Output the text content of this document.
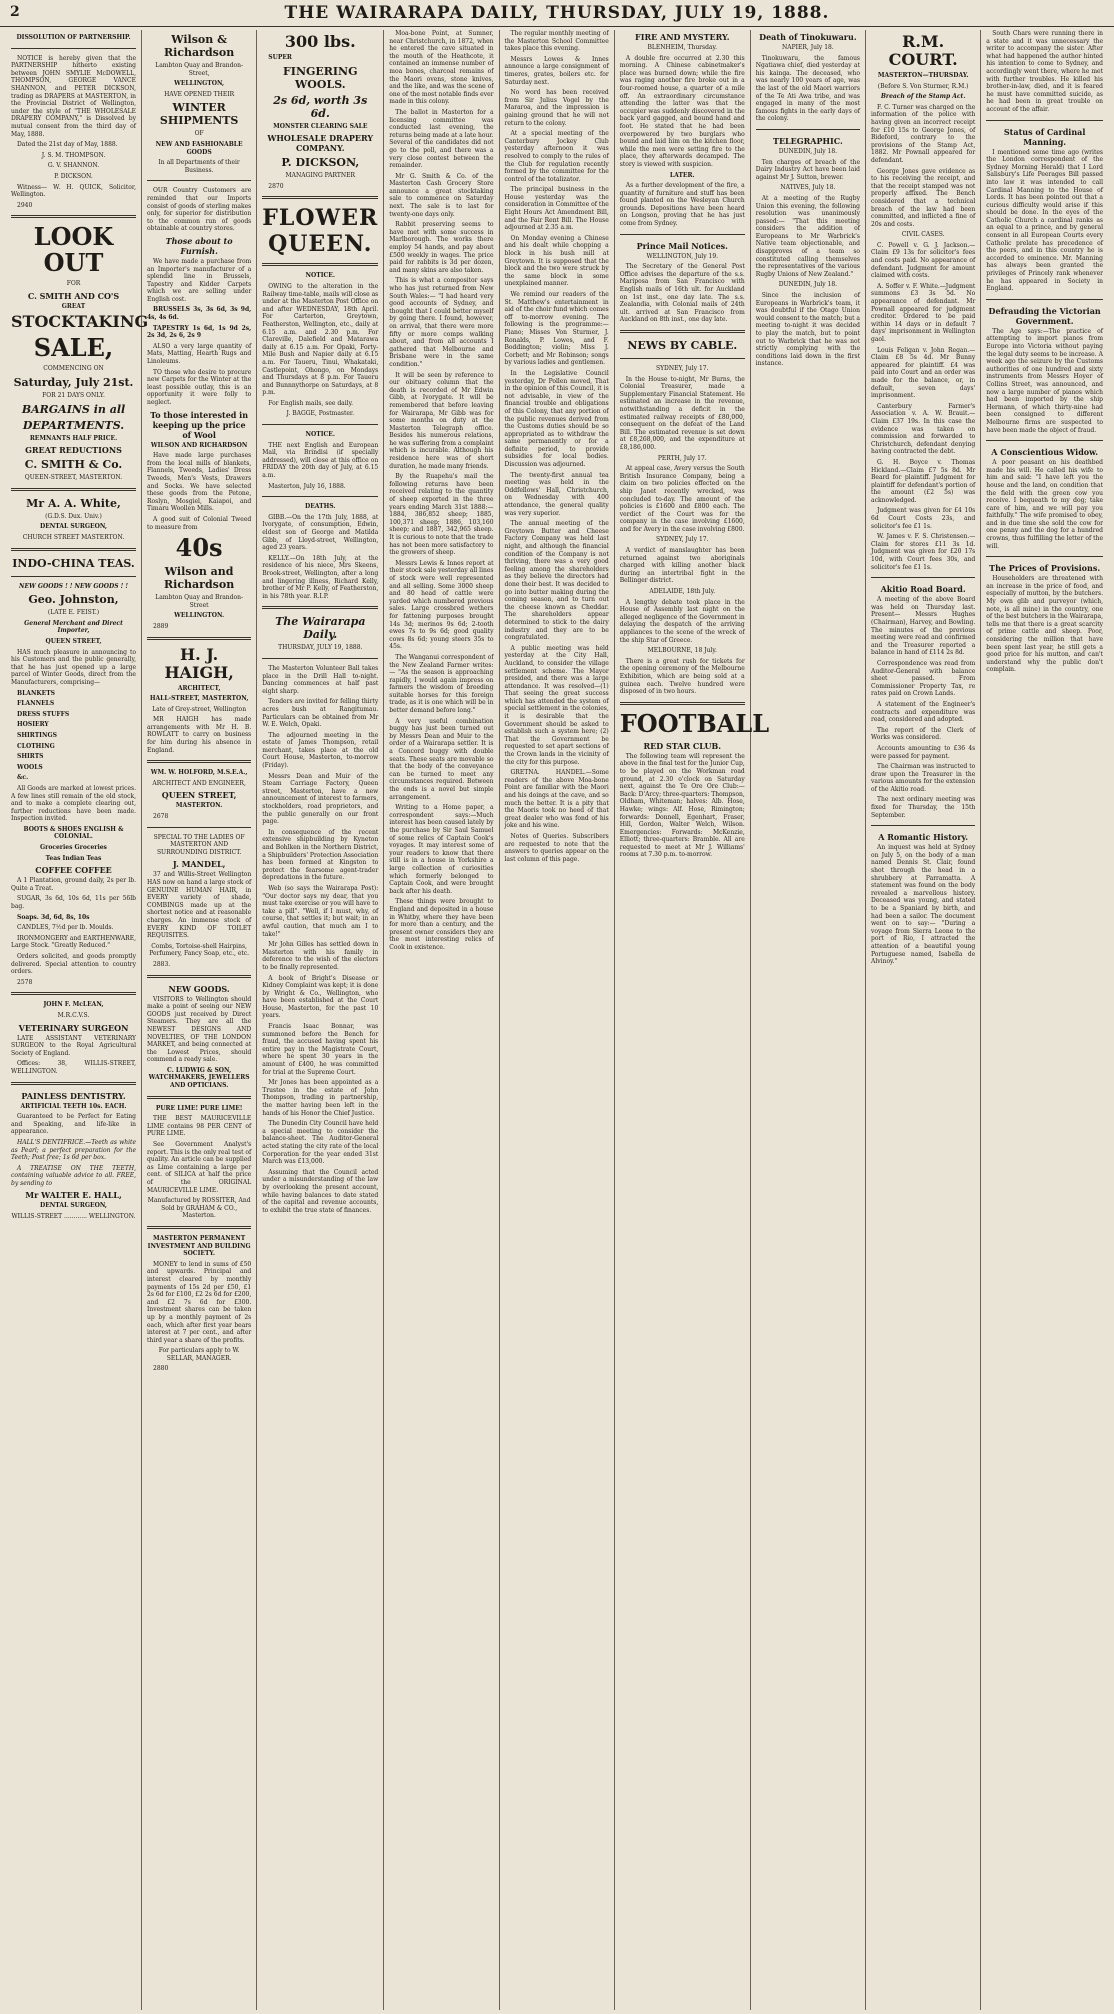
2	THE WAIRARAPA DAILY, THURSDAY, JULY 19, 1888.

DISSOLUTION OF PARTNERSHIP.

NOTICE is hereby given that the PARTNERSHIP hitherto existing between JOHN SMYLIE McDOWELL, THOMPSON, GEORGE VANCE SHANNON, and PETER DICKSON, trading as DRAPERS at MASTERTON, in the Provincial District of Wellington, under the style of "THE WHOLESALE DRAPERY COMPANY," is Dissolved by mutual consent from the third day of May, 1888.

Dated the 21st day of May, 1888.

J. S. M. THOMPSON.

G. V. SHANNON.

P. DICKSON.

Witness— W. H. QUICK, Solicitor, Wellington.

2940

LOOK OUT

FOR

C. SMITH AND CO'S

GREAT

STOCKTAKING
SALE,

COMMENCING ON

Saturday, July 21st.

FOR 21 DAYS ONLY.

BARGAINS in all
DEPARTMENTS.

REMNANTS HALF PRICE.

GREAT REDUCTIONS
C. SMITH & Co.

QUEEN-STREET, MASTERTON.

Mr A. A. White,

(G.D.S. Dux. Univ.)

DENTAL SURGEON,

CHURCH STREET MASTERTON.

INDO-CHINA TEAS.

NEW GOODS ! ! NEW GOODS ! !

Geo. Johnston,

(LATE E. FEIST.)

General Merchant and Direct Importer,

QUEEN STREET,

HAS much pleasure in announcing to his Customers and the public generally, that he has just opened up a large parcel of Winter Goods, direct from the Manufacturers, comprising—

BLANKETS

FLANNELS

DRESS STUFFS

HOSIERY

SHIRTINGS

CLOTHING

SHIRTS

WOOLS

&c.

All Goods are marked at lowest prices. A few lines still remain of the old stock, and to make a complete clearing out, further reductions have been made. Inspection invited.

BOOTS & SHOES ENGLISH & COLONIAL.

Groceries Groceries

Teas Indian Teas

COFFEE COFFEE

A 1 Plantation, ground daily, 2s per lb. Quite a Treat.

SUGAR, 3s 6d, 10s 6d, 11s per 56lb bag.

Soaps. 3d, 6d, 8s, 10s

CANDLES, 7½d per lb. Moulds.

IRONMONGERY and EARTHENWARE, Large Stock. "Greatly Reduced."

Orders solicited, and goods promptly delivered. Special attention to country orders.

2578

JOHN F. McLEAN,

M.R.C.V.S.

VETERINARY SURGEON

LATE ASSISTANT VETERINARY SURGEON to the Royal Agricultural Society of England.

Offices: 38, WILLIS-STREET, WELLINGTON.

PAINLESS DENTISTRY.

ARTIFICIAL TEETH 10s. EACH.

Guaranteed to be Perfect for Eating and Speaking, and life-like in appearance.

HALL'S DENTIFRICE.—Teeth as white as Pearl; a perfect preparation for the Teeth; Post free; 1s 6d per box.

A TREATISE ON THE TEETH, containing valuable advice to all. FREE, by sending to

Mr WALTER E. HALL,

DENTAL SURGEON,

WILLIS-STREET ............ WELLINGTON.

Wilson & Richardson

Lambton Quay and Brandon-Street,

WELLINGTON,

HAVE OPENED THEIR

WINTER SHIPMENTS

OF

NEW AND FASHIONABLE GOODS

In all Departments of their Business.

OUR Country Customers are reminded that our Imports consist of goods of sterling makes only, for superior for distribution to the common run of goods obtainable at country stores.

Those about to Furnish.

We have made a purchase from an Importer's manufacturer of a splendid line in Brussels, Tapestry and Kidder Carpets which we are selling under English cost.

BRUSSELS 3s, 3s 6d, 3s 9d, 4s, 4s 6d.

TAPESTRY 1s 6d, 1s 9d 2s, 2s 3d, 2s 6, 2s 9

ALSO a very large quantity of Mats, Matting, Hearth Rugs and Linoleums.

TO those who desire to procure new Carpets for the Winter at the least possible outlay, this is an opportunity it were folly to neglect.

To those interested in keeping up the price of Wool

WILSON AND RICHARDSON

Have made large purchases from the local mills of blankets, Flannels, Tweeds, Ladies' Dress Tweeds, Men's Vests, Drawers and Socks. We have selected these goods from the Petone, Roslyn, Mosgiel, Kaiapoi, and Timaru Woollen Mills.

A good suit of Colonial Tweed to measure from

40s
Wilson and Richardson

Lambton Quay and Brandon-Street

WELLINGTON.

2889

H. J. HAIGH,

ARCHITECT,

HALL-STREET, MASTERTON,

Late of Grey-street, Wellington

MR HAIGH has made arrangements with Mr H. B. ROWLATT to carry on business for him during his absence in England.

WM. W. HOLFORD, M.S.E.A.,

ARCHITECT AND ENGINEER,

QUEEN STREET,

MASTERTON.

2678

SPECIAL TO THE LADIES OF MASTERTON AND SURROUNDING DISTRICT.

J. MANDEL,

37 and Willis-Street Wellington HAS now on hand a large stock of GENUINE HUMAN HAIR, in EVERY variety of shade, COMBINGS made up at the shortest notice and at reasonable charges. An immense stock of EVERY KIND OF TOILET REQUISITES.

Combs, Tortoise-shell Hairpins, Perfumery, Fancy Soap, etc., etc.

2883.

NEW GOODS.

VISITORS to Wellington should make a point of seeing our NEW GOODS just received by Direct Steamers. They are all the NEWEST DESIGNS AND NOVELTIES, OF THE LONDON MARKET, and being connected at the Lowest Prices, should commend a ready sale.

C. LUDWIG & SON, WATCHMAKERS, JEWELLERS AND OPTICIANS.

PURE LIME! PURE LIME!

THE BEST MAURICEVILLE LIME contains 98 PER CENT of PURE LIME.

See Government Analyst's report. This is the only real test of quality. An article can be supplied as Lime containing a large per cent. of SILICA at half the price of the ORIGINAL MAURICEVILLE LIME.

Manufactured by ROSSITER, And Sold by GRAHAM & CO., Masterton.

MASTERTON PERMANENT INVESTMENT AND BUILDING SOCIETY.

MONEY to lend in sums of £50 and upwards. Principal and interest cleared by monthly payments of 15s 2d per £50, £1 2s 6d for £100, £2 2s 6d for £200, and £2 7s 6d for £300. Investment shares can be taken up by a monthly payment of 2s each, which after first year bears interest at 7 per cent., and after third year a share of the profits.

For particulars apply to W. SELLAR, MANAGER.

2880

300 lbs.

SUPER

FINGERING WOOLS.
2s 6d, worth 3s 6d.

MONSTER CLEARING SALE

WHOLESALE DRAPERY COMPANY.
P. DICKSON,

MANAGING PARTNER

2870

FLOWER QUEEN.

NOTICE.

OWING to the alteration in the Railway time-table, mails will close as under at the Masterton Post Office on and after WEDNESDAY, 18th April. For Carterton, Greytown, Featherston, Wellington, etc., daily at 6.15 a.m. and 2.30 p.m. For Clareville, Dalefield and Matarawa daily at 6.15 a.m. For Opaki, Forty-Mile Bush and Napier daily at 6.15 a.m. For Taueru, Tinui, Whakataki, Castlepoint, Ohongo, on Mondays and Thursdays at 8 p.m. For Taueru and Bunnnythorpe on Saturdays, at 8 p.m.

For English mails, see daily.

J. BAGGE, Postmaster.

NOTICE.

THE next English and European Mail, via Brindisi (if specially addressed), will close at this office on FRIDAY the 20th day of July, at 6.15 a.m.

Masterton, July 16, 1888.

DEATHS.

GIBB.—On the 17th July, 1888, at Ivorygate, of consumption, Edwin, eldest son of George and Matilda Gibb, of Lloyd-street, Wellington, aged 23 years.

KELLY.—On 18th July, at the residence of his niece, Mrs Skeens, Brook-street, Wellington, after a long and lingering illness, Richard Kelly, brother of Mr P. Kelly, of Featherston, in his 78th year. R.I.P.

The Wairarapa Daily.

THURSDAY, JULY 19, 1888.

The Masterton Volunteer Ball takes place in the Drill Hall to-night. Dancing commences at half past eight sharp.

Tenders are invited for felling thirty acres bush at Rangitumau. Particulars can be obtained from Mr W. E. Welch, Opaki.

The adjourned meeting in the estate of James Thompson, retail merchant, takes place at the old Court House, Masterton, to-morrow (Friday).

Messrs Dean and Muir of the Steam Carriage Factory, Queen street, Masterton, have a new announcement of interest to farmers, stockholders, road proprietors, and the public generally on our front page.

In consequence of the recent extensive shipbuilding by Kyneton and Bohlken in the Northern District, a Shipbuilders' Protection Association has been formed at Kingston to protect the fearsome agent-trader depredations in the future.

Web (so says the Wairarapa Post): "Our doctor says my dear, that you must take exercise or you will have to take a pill". "Well, if I must, why, of course, that settles it; but wait; in an awful caution, that much am I to take!"

Mr John Gilles has settled down in Masterton with his family in deference to the wish of the electors to be finally represented.

A book of Bright's Disease or Kidney Complaint was kept; it is done by Wright & Co., Wellington, who have been established at the Court House, Masterton, for the past 10 years.

Francis Isaac Bonnar, was summoned before the Bench for fraud, the accused having spent his entire pay in the Magistrate Court, where he spent 30 years in the amount of £400, he was committed for trial at the Supreme Court.

Mr Jones has been appointed as a Trustee in the estate of John Thompson, trading in partnership, the matter having been left in the hands of his Honor the Chief Justice.

The Dunedin City Council have held a special meeting to consider the balance-sheet. The Auditor-General acted stating the city rate of the local Corporation for the year ended 31st March was £13,000.

Assuming that the Council acted under a misunderstanding of the law by overlooking the present account, while having balances to date stated of the capital and revenue accounts, to exhibit the true state of finances.

Moa-bone Point, at Sumner, near Christchurch, in 1872, when he entered the cave situated in the mouth of the Heathcote, it contained an immense number of moa bones, charcoal remains of the Maori ovens, stone knives, and the like, and was the scene of one of the most notable finds ever made in this colony.

The ballot in Masterton for a licensing committee was conducted last evening, the returns being made at a late hour. Several of the candidates did not go to the poll, and there was a very close contest between the remainder.

Mr G. Smith & Co. of the Masterton Cash Grocery Store announce a great stocktaking sale to commence on Saturday next. The sale is to last for twenty-one days only.

Rabbit preserving seems to have met with some success in Marlborough. The works there employ 54 hands, and pay about £500 weekly in wages. The price paid for rabbits is 3d per dozen, and many skins are also taken.

This is what a compositor says who has just returned from New South Wales:— "I had heard very good accounts of Sydney, and thought that I could better myself by going there. I found, however, on arrival, that there were more fifty or more comps walking about, and from all accounts I gathered that Melbourne and Brisbane were in the same condition."

It will be seen by reference to our obituary column that the death is recorded of Mr Edwin Gibb, at Ivorygate. It will be remembered that before leaving for Wairarapa, Mr Gibb was for some months on duty at the Masterton Telegraph office. Besides his numerous relations, he was suffering from a complaint which is incurable. Although his residence here was of short duration, he made many friends.

By the Ruapehu's mail the following returns have been received relating to the quantity of sheep exported in the three years ending March 31st 1888:—1884, 386,852 sheep; 1885, 100,371 sheep; 1886, 103,160 sheep; and 1887, 342,965 sheep. It is curious to note that the trade has not been more satisfactory to the growers of sheep.

Messrs Lewis & Innes report at their stock sale yesterday all lines of stock were well represented and all selling. Some 3000 sheep and 80 head of cattle were yarded which numbered previous sales. Large crossbred wethers for fattening purposes brought 14s 3d; merinos 9s 6d; 2-tooth ewes 7s to 9s 6d; good quality cows 8s 6d; young steers 35s to 45s.

The Wanganui correspondent of the New Zealand Farmer writes:— "As the season is approaching rapidly, I would again impress on farmers the wisdom of breeding suitable horses for this foreign trade, as it is one which will be in better demand before long."

A very useful combination buggy has just been turned out by Messrs Dean and Muir to the order of a Wairarapa settler. It is a Concord buggy with double seats. These seats are movable so that the body of the conveyance can be turned to meet any circumstances required. Between the ends is a novel but simple arrangement.

Writing to a Home paper, a correspondent says:—Much interest has been caused lately by the purchase by Sir Saul Samuel of some relics of Captain Cook's voyages. It may interest some of your readers to know that there still is in a house in Yorkshire a large collection of curiosities which formerly belonged to Captain Cook, and were brought back after his death.

These things were brought to England and deposited in a house in Whitby, where they have been for more than a century, and the present owner considers they are the most interesting relics of Cook in existence.

The regular monthly meeting of the Masterton School Committee takes place this evening.

Messrs Lowes & Innes announce a large consignment of timeres, grates, boilers etc. for Saturday next.

No word has been received from Sir Julius Vogel by the Mararoa, and the impression is gaining ground that he will not return to the colony.

At a special meeting of the Canterbury Jockey Club yesterday afternoon it was resolved to comply to the rules of the Club for regulation recently formed by the committee for the control of the totalizator.

The principal business in the House yesterday was the consideration in Committee of the Eight Hours Act Amendment Bill, and the Fair Rent Bill. The House adjourned at 2.35 a.m.

On Monday evening a Chinese and his dealt while chopping a block in his bush mill at Greytown. It is supposed that the block and the two were struck by the same block in some unexplained manner.

We remind our readers of the St. Matthew's entertainment in aid of the choir fund which comes off to-morrow evening. The following is the programme:— Piano; Misses Von Sturmer, J. Ronalds, P. Lowes, and F. Boddington; violin; Miss J. Corbett; and Mr Robinson; songs by various ladies and gentlemen.

In the Legislative Council yesterday, Dr Pollen moved, That in the opinion of this Council, it is not advisable, in view of the financial trouble and obligations of this Colony, that any portion of the public revenues derived from the Customs duties should be so appropriated as to withdraw the same permanently or for a definite period, to provide subsidies for local bodies. Discussion was adjourned.

The twenty-first annual tea meeting was held in the Oddfellows' Hall, Christchurch, on Wednesday with 400 attendance, the general quality was very superior.

The annual meeting of the Greytown Butter and Cheese Factory Company was held last night, and although the financial condition of the Company is not thriving, there was a very good feeling among the shareholders as they believe the directors had done their best. It was decided to go into butter making during the coming season, and to turn out the cheese known as Cheddar. The shareholders appear determined to stick to the dairy industry and they are to be congratulated.

A public meeting was held yesterday at the City Hall, Auckland, to consider the village settlement scheme. The Mayor presided, and there was a large attendance. It was resolved—(1) That seeing the great success which has attended the system of special settlement in the colonies, it is desirable that the Government should be asked to establish such a system here; (2) That the Government be requested to set apart sections of the Crown lands in the vicinity of the city for this purpose.

GRETNA. HANDEL.—Some readers of the above Moa-bone Point are familiar with the Maori and his doings at the cave, and so much the better. It is a pity that the Maoris took no heed of that great dealer who was fond of his joke and his wine.

Notes of Queries. Subscribers are requested to note that the answers to queries appear on the last column of this page.

FIRE AND MYSTERY.

BLENHEIM, Thursday.

A double fire occurred at 2.30 this morning. A Chinese cabinetmaker's place was burned down; while the fire was raging another fire broke out in a four-roomed house, a quarter of a mile off. An extraordinary circumstance attending the latter was that the occupier was suddenly discovered in the back yard gagged, and bound hand and foot. He stated that he had been overpowered by two burglars who bound and laid him on the kitchen floor, while the men were setting fire to the place, they afterwards decamped. The story is viewed with suspicion.

LATER.

As a further development of the fire, a quantity of furniture and stuff has been found planted on the Wesleyan Church grounds. Depositions have been heard on Longson, proving that he has just come from Sydney.

Prince Mail Notices.

WELLINGTON, July 19.

The Secretary of the General Post Office advises the departure of the s.s. Mariposa from San Francisco with English mails of 16th ult. for Auckland on 1st inst., one day late. The s.s. Zealandia, with Colonial mails of 24th ult. arrived at San Francisco from Auckland on 8th inst., one day late.

NEWS BY CABLE.

SYDNEY, July 17.

In the House to-night, Mr Burns, the Colonial Treasurer, made a Supplementary Financial Statement. He estimated an increase in the revenue, notwithstanding a deficit in the estimated railway receipts of £80,000, consequent on the defeat of the Land Bill. The estimated revenue is set down at £8,268,000, and the expenditure at £8,186,000.

PERTH, July 17.

At appeal case, Avery versus the South British Insurance Company, being a claim on two policies effected on the ship Janet recently wrecked, was concluded to-day. The amount of the policies is £1600 and £800 each. The verdict of the Court was for the company in the case involving £1600, and for Avery in the case involving £800.

SYDNEY, July 17.

A verdict of manslaughter has been returned against two aboriginals charged with killing another black during an intertribal fight in the Bellinger district.

ADELAIDE, 18th July.

A lengthy debate took place in the House of Assembly last night on the alleged negligence of the Government in delaying the despatch of the arriving appliances to the scene of the wreck of the ship Star of Greece.

MELBOURNE, 18 July.

There is a great rush for tickets for the opening ceremony of the Melbourne Exhibition, which are being sold at a guinea each. Twelve hundred were disposed of in two hours.

FOOTBALL
RED STAR CLUB.

The following team will represent the above in the final test for the Junior Cup, to be played on the Workman road ground, at 2.30 o'clock on Saturday next, against the Te Ore Ore Club:— Back: D'Arcy; three-quarters: Thompson, Oldham, Whiteman; halves: Alb. Hose, Hawke; wings: Alf. Hose, Rimington; forwards: Donnell, Egenhart, Fraser, Hill, Gordon, Walter Welch, Wilson. Emergencies: Forwards: McKenzie, Elliott; three-quarters: Bramble. All are requested to meet at Mr J. Williams' rooms at 7.30 p.m. to-morrow.

Death of Tinokuwaru.

NAPIER, July 18.

Tinokuwaru, the famous Ngatiawa chief, died yesterday at his kainga. The deceased, who was nearly 100 years of age, was the last of the old Maori warriors of the Te Ati Awa tribe, and was engaged in many of the most famous fights in the early days of the colony.

TELEGRAPHIC.

DUNEDIN, July 18.

Ten charges of breach of the Dairy Industry Act have been laid against Mr J. Sutton, brewer.

NATIVES, July 18.

At a meeting of the Rugby Union this evening, the following resolution was unanimously passed:— "That this meeting considers the addition of Europeans to Mr Warbrick's Native team objectionable, and disapproves of a team so constituted calling themselves the representatives of the various Rugby Unions of New Zealand."

DUNEDIN, July 18.

Since the inclusion of Europeans in Warbrick's team, it was doubtful if the Otago Union would consent to the match; but a meeting to-night it was decided to play the match, but to point out to Warbrick that he was not strictly complying with the conditions laid down in the first instance.

R.M. COURT.

MASTERTON—THURSDAY.

(Before S. Von Sturmer, R.M.)

Breach of the Stamp Act.

F. C. Turner was charged on the information of the police with having given an incorrect receipt for £10 15s to George Jones, of Bideford, contrary to the provisions of the Stamp Act, 1882. Mr Pownall appeared for defendant.

George Jones gave evidence as to his receiving the receipt, and that the receipt stamped was not properly affixed. The Bench considered that a technical breach of the law had been committed, and inflicted a fine of 20s and costs.

CIVIL CASES.

C. Powell v. G. J. Jackson.—Claim £9 13s for solicitor's fees and costs paid. No appearance of defendant. Judgment for amount claimed with costs.

A. Soffer v. F. White.—Judgment summons £3 3s 5d. No appearance of defendant. Mr Pownall appeared for judgment creditor. Ordered to be paid within 14 days or in default 7 days' imprisonment in Wellington gaol.

Louis Feligan v. John Regan.—Claim £8 5s 4d. Mr Bunny appeared for plaintiff. £4 was paid into Court and an order was made for the balance, or, in default, seven days' imprisonment.

Canterbury Farmer's Association v. A. W. Brauit.—Claim £37 19s. In this case the evidence was taken on commission and forwarded to Christchurch, defendant denying having contracted the debt.

G. H. Boyce v. Thomas Hickland.—Claim £7 5s 8d. Mr Beard for plaintiff. Judgment for plaintiff for defendant's portion of the amount (£2 5s) was acknowledged.

Judgment was given for £4 10s 6d Court Costs 23s, and solicitor's fee £1 1s.

W. James v. F. S. Christensen.—Claim for stores £11 3s 1d. Judgment was given for £20 17s 10d, with Court fees 30s, and solicitor's fee £1 1s.

Akitio Road Board.

A meeting of the above Board was held on Thursday last. Present— Messrs Hughes (Chairman), Harvey, and Bowling. The minutes of the previous meeting were read and confirmed and the Treasurer reported a balance in hand of £114 2s 8d.

Correspondence was read from Auditor-General with balance sheet passed. From Commissioner Property Tax, re rates paid on Crown Lands.

A statement of the Engineer's contracts and expenditure was read, considered and adopted.

The report of the Clerk of Works was considered.

Accounts amounting to £36 4s were passed for payment.

The Chairman was instructed to draw upon the Treasurer in the various amounts for the extension of the Akitio road.

The next ordinary meeting was fixed for Thursday, the 15th September.

A Romantic History.

An inquest was held at Sydney on July 5, on the body of a man named Dennis St. Clair, found shot through the head in a shrubbery at Parramatta. A statement was found on the body revealed a marvellous history. Deceased was young, and stated to be a Spaniard by birth, and had been a sailor. The document went on to say:— "During a voyage from Sierra Leone to the port of Rio, I attracted the attention of a beautiful young Portuguese named, Isabella de Alvinoy."

South Chars were running there in a state and it was unnecessary the writer to accompany the sister. After what had happened the author hinted his intention to come to Sydney, and accordingly went there, where he met with further troubles. He killed his brother-in-law, died, and it is feared he must have committed suicide, as he had been in great trouble on account of the affair.

Status of Cardinal Manning.

I mentioned some time ago (writes the London correspondent of the Sydney Morning Herald) that I Lord Salisbury's Life Peerages Bill passed into law it was intended to call Cardinal Manning to the House of Lords. It has been pointed out that a curious difficulty would arise if this should be done. In the eyes of the Catholic Church a cardinal ranks as an equal to a prince, and by general consent in all European Courts every Catholic prelate has precedence of the peers, and in this country he is accorded to eminence. Mr. Manning has always been granted the privileges of Princely rank whenever he has appeared in Society in England.

Defrauding the Victorian Government.

The Age says:—The practice of attempting to import pianos from Europe into Victoria without paying the legal duty seems to be increase. A week ago the seizure by the Customs authorities of one hundred and sixty instruments from Messrs Hoyer of Collins Street, was announced, and now a large number of pianos which had been imported by the ship Hermann, of which thirty-nine had been consigned to different Melbourne firms are suspected to have been made the object of fraud.

A Conscientious Widow.

A poor peasant on his deathbed made his will. He called his wife to him and said: "I have left you the house and the land, on condition that the field with the green cow you receive. I bequeath to my dog; take care of him, and we will pay you faithfully." The wife promised to obey, and in due time she sold the cow for one penny and the dog for a hundred crowns, thus fulfilling the letter of the will.

The Prices of Provisions.

Householders are threatened with an increase in the price of food, and especially of mutton, by the butchers. My own glib and purveyor (which, note, is all mine) in the country, one of the best butchers in the Wairarapa, tells me that there is a great scarcity of prime cattle and sheep. Poor, considering the million that have been spent last year, he still gets a good price for his mutton, and can't understand why the public don't complain.
